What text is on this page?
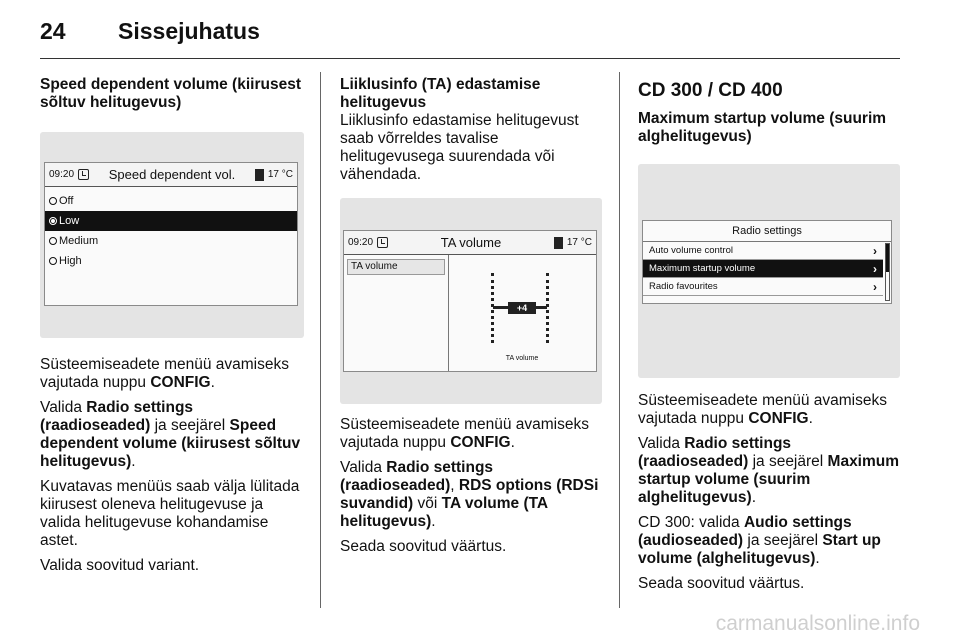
24 Sissejuhatus

Speed dependent volume (kiirusest sõltuv helitugevus)

09:20	Speed dependent vol.	17 °C
Off
Low
Medium
High

Süsteemiseadete menüü avamiseks vajutada nuppu CONFIG.

Valida Radio settings (raadioseaded) ja seejärel Speed dependent volume (kiirusest sõltuv helitugevus).

Kuvatavas menüüs saab välja lülitada kiirusest oleneva helitugevuse ja valida helitugevuse kohandamise astet.

Valida soovitud variant.

Liiklusinfo (TA) edastamise helitugevus

Liiklusinfo edastamise helitugevust saab võrreldes tavalise helitugevusega suurendada või vähendada.

09:20	TA volume	17 °C
TA volume
+4
TA volume

Süsteemiseadete menüü avamiseks vajutada nuppu CONFIG.

Valida Radio settings (raadioseaded), RDS options (RDSi suvandid) või TA volume (TA helitugevus).

Seada soovitud väärtus.

CD 300 / CD 400

Maximum startup volume (suurim alghelitugevus)

Radio settings
Auto volume control	›
Maximum startup volume	›
Radio favourites	›

Süsteemiseadete menüü avamiseks vajutada nuppu CONFIG.

Valida Radio settings (raadioseaded) ja seejärel Maximum startup volume (suurim alghelitugevus).

CD 300: valida Audio settings (audioseaded) ja seejärel Start up volume (alghelitugevus).

Seada soovitud väärtus.

carmanualsonline.info
